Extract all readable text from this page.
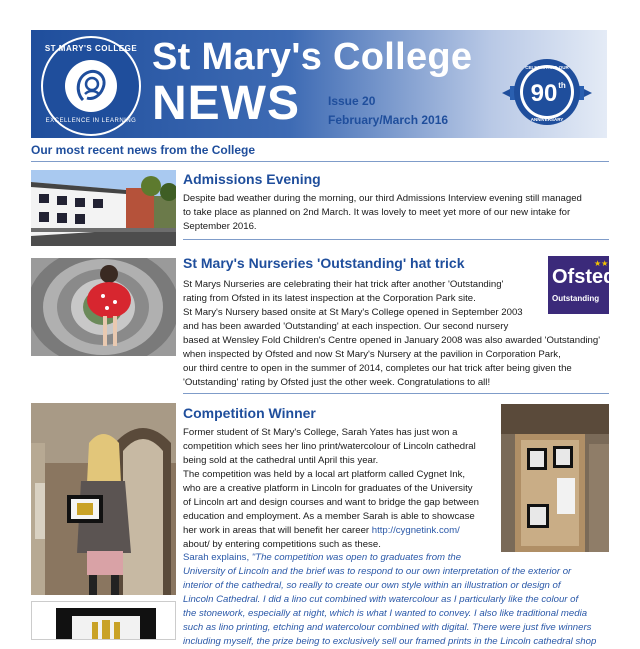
ST MARY'S COLLEGE
EXCELLENCE IN LEARNING
St Mary's College
NEWS Issue 20
February/March 2016
CELEBRATING OUR
90 th
ANNIVERSARY
Our most recent news from the College
Admissions Evening
Despite bad weather during the morning, our third Admissions Interview evening still managed
to take place as planned on 2nd March. It was lovely to meet yet more of our new intake for
September 2016.
St Mary's Nurseries 'Outstanding' hat trick
Ofsted
Outstanding
★★
St Marys Nurseries are celebrating their hat trick after another 'Outstanding'
rating from Ofsted in its latest inspection at the Corporation Park site.
St Mary's Nursery based onsite at St Mary's College opened in September 2003
and has been awarded 'Outstanding' at each inspection. Our second nursery
based at Wensley Fold Children's Centre opened in January 2008 was also awarded 'Outstanding'
when inspected by Ofsted and now St Mary's Nursery at the pavilion in Corporation Park,
our third centre to open in the summer of 2014, completes our hat trick after being given the
'Outstanding' rating by Ofsted just the other week. Congratulations to all!
Competition Winner
Former student of St Mary's College, Sarah Yates has just won a
competition which sees her lino print/watercolour of Lincoln cathedral
being sold at the cathedral until April this year.
The competition was held by a local art platform called Cygnet Ink,
who are a creative platform in Lincoln for graduates of the University
of Lincoln art and design courses and want to bridge the gap between
education and employment. As a member Sarah is able to showcase
her work in areas that will benefit her career http://cygnetink.com/
about/ by entering competitions such as these.
Sarah explains, "The competition was open to graduates from the
University of Lincoln and the brief was to respond to our own interpretation of the exterior or
interior of the cathedral, so really to create our own style within an illustration or design of
Lincoln Cathedral. I did a lino cut combined with watercolour as I particularly like the colour of
the stonework, especially at night, which is what I wanted to convey. I also like traditional media
such as lino printing, etching and watercolour combined with digital. There were just five winners
including myself, the prize being to exclusively sell our framed prints in the Lincoln cathedral shop
